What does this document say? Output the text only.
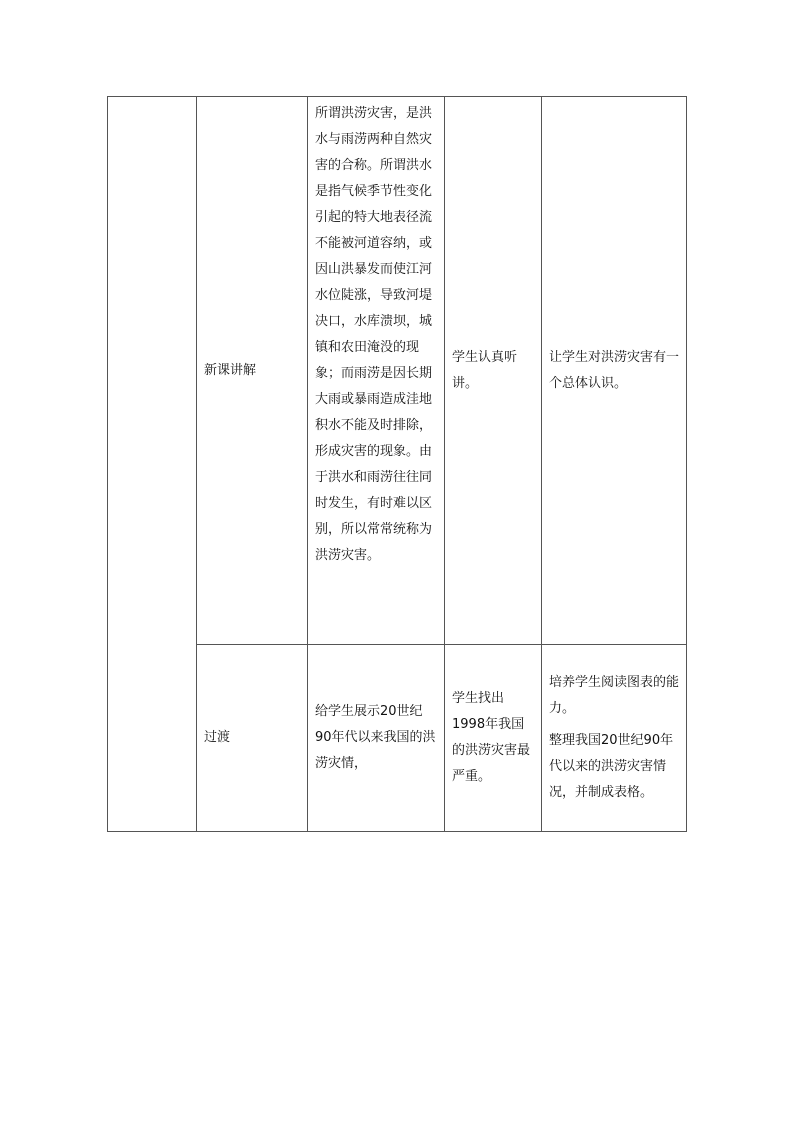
	新课讲解	所谓洪涝灾害，是洪水与雨涝两种自然灾害的合称。所谓洪水是指气候季节性变化引起的特大地表径流不能被河道容纳，或因山洪暴发而使江河水位陡涨，导致河堤决口，水库溃坝，城镇和农田淹没的现象；而雨涝是因长期大雨或暴雨造成洼地积水不能及时排除，形成灾害的现象。由于洪水和雨涝往往同时发生，有时难以区别，所以常常统称为洪涝灾害。	学生认真听讲。	让学生对洪涝灾害有一个总体认识。
	过渡	给学生展示20世纪90年代以来我国的洪涝灾情，	学生找出1998年我国的洪涝灾害最严重。	培养学生阅读图表的能力。

整理我国20世纪90年代以来的洪涝灾害情况，并制成表格。
